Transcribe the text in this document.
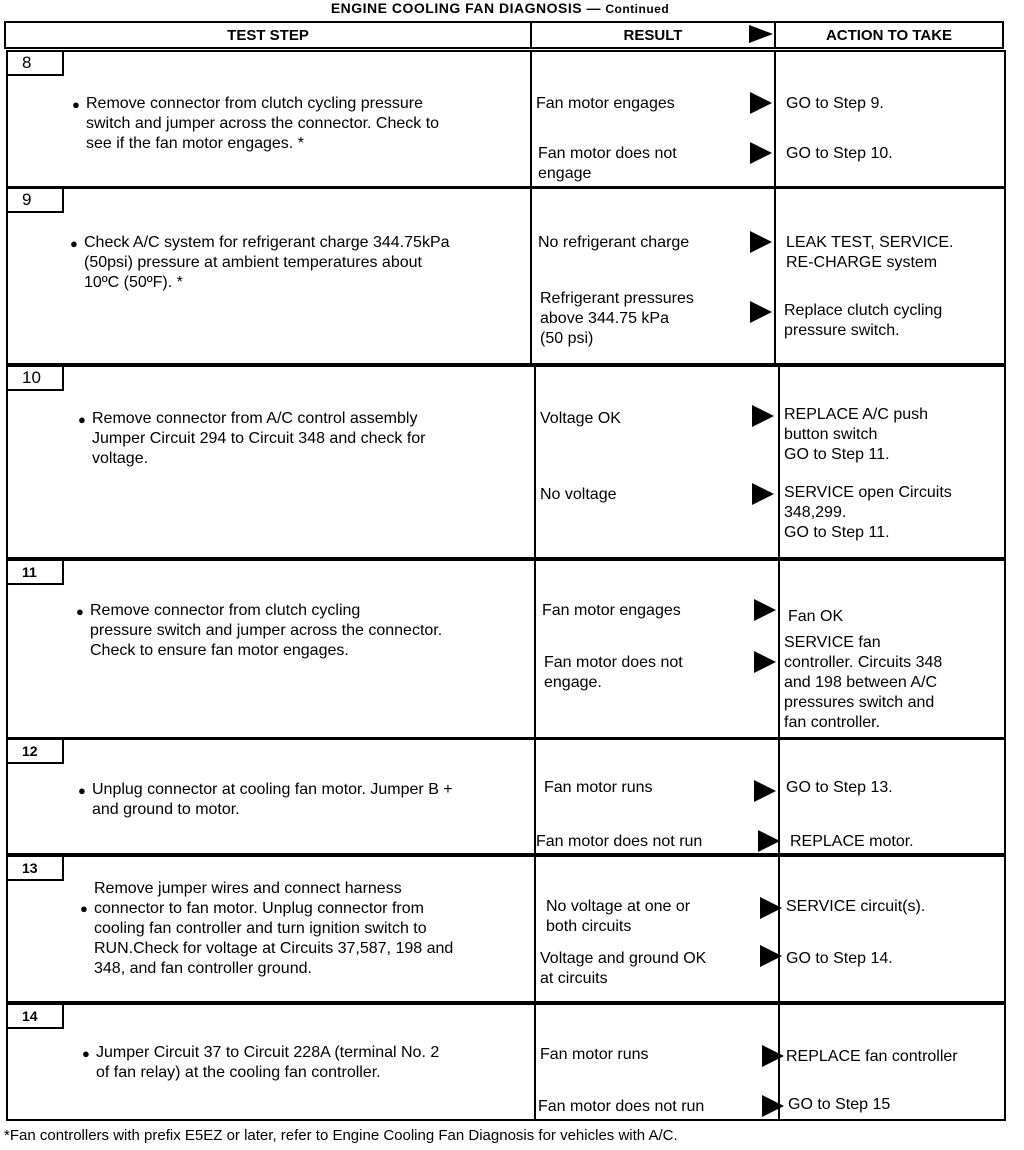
ENGINE COOLING FAN DIAGNOSIS — Continued
TEST STEP	RESULT	ACTION TO TAKE
8
● Remove connector from clutch cycling pressure
switch and jumper across the connector. Check to
see if the fan motor engages. *
Fan motor engages
Fan motor does not
engage
GO to Step 9.
GO to Step 10.
9
● Check A/C system for refrigerant charge 344.75kPa
(50psi) pressure at ambient temperatures about
10ºC (50ºF). *
No refrigerant charge
Refrigerant pressures
above 344.75 kPa
(50 psi)
LEAK TEST, SERVICE.
RE-CHARGE system
Replace clutch cycling
pressure switch.
10
● Remove connector from A/C control assembly
Jumper Circuit 294 to Circuit 348 and check for
voltage.
Voltage OK
No voltage
REPLACE A/C push
button switch
GO to Step 11.
SERVICE open Circuits
348,299.
GO to Step 11.
11
● Remove connector from clutch cycling
pressure switch and jumper across the connector.
Check to ensure fan motor engages.
Fan motor engages
Fan motor does not
engage.
Fan OK
SERVICE fan
controller. Circuits 348
and 198 between A/C
pressures switch and
fan controller.
12
● Unplug connector at cooling fan motor. Jumper B +
and ground to motor.
Fan motor runs
Fan motor does not run
GO to Step 13.
REPLACE motor.
13
●
Remove jumper wires and connect harness
connector to fan motor. Unplug connector from
cooling fan controller and turn ignition switch to
RUN.Check for voltage at Circuits 37,587, 198 and
348, and fan controller ground.
No voltage at one or
both circuits
Voltage and ground OK
at circuits
SERVICE circuit(s).
GO to Step 14.
14
● Jumper Circuit 37 to Circuit 228A (terminal No. 2
of fan relay) at the cooling fan controller.
Fan motor runs
Fan motor does not run
REPLACE fan controller
GO to Step 15
*Fan controllers with prefix E5EZ or later, refer to Engine Cooling Fan Diagnosis for vehicles with A/C.
